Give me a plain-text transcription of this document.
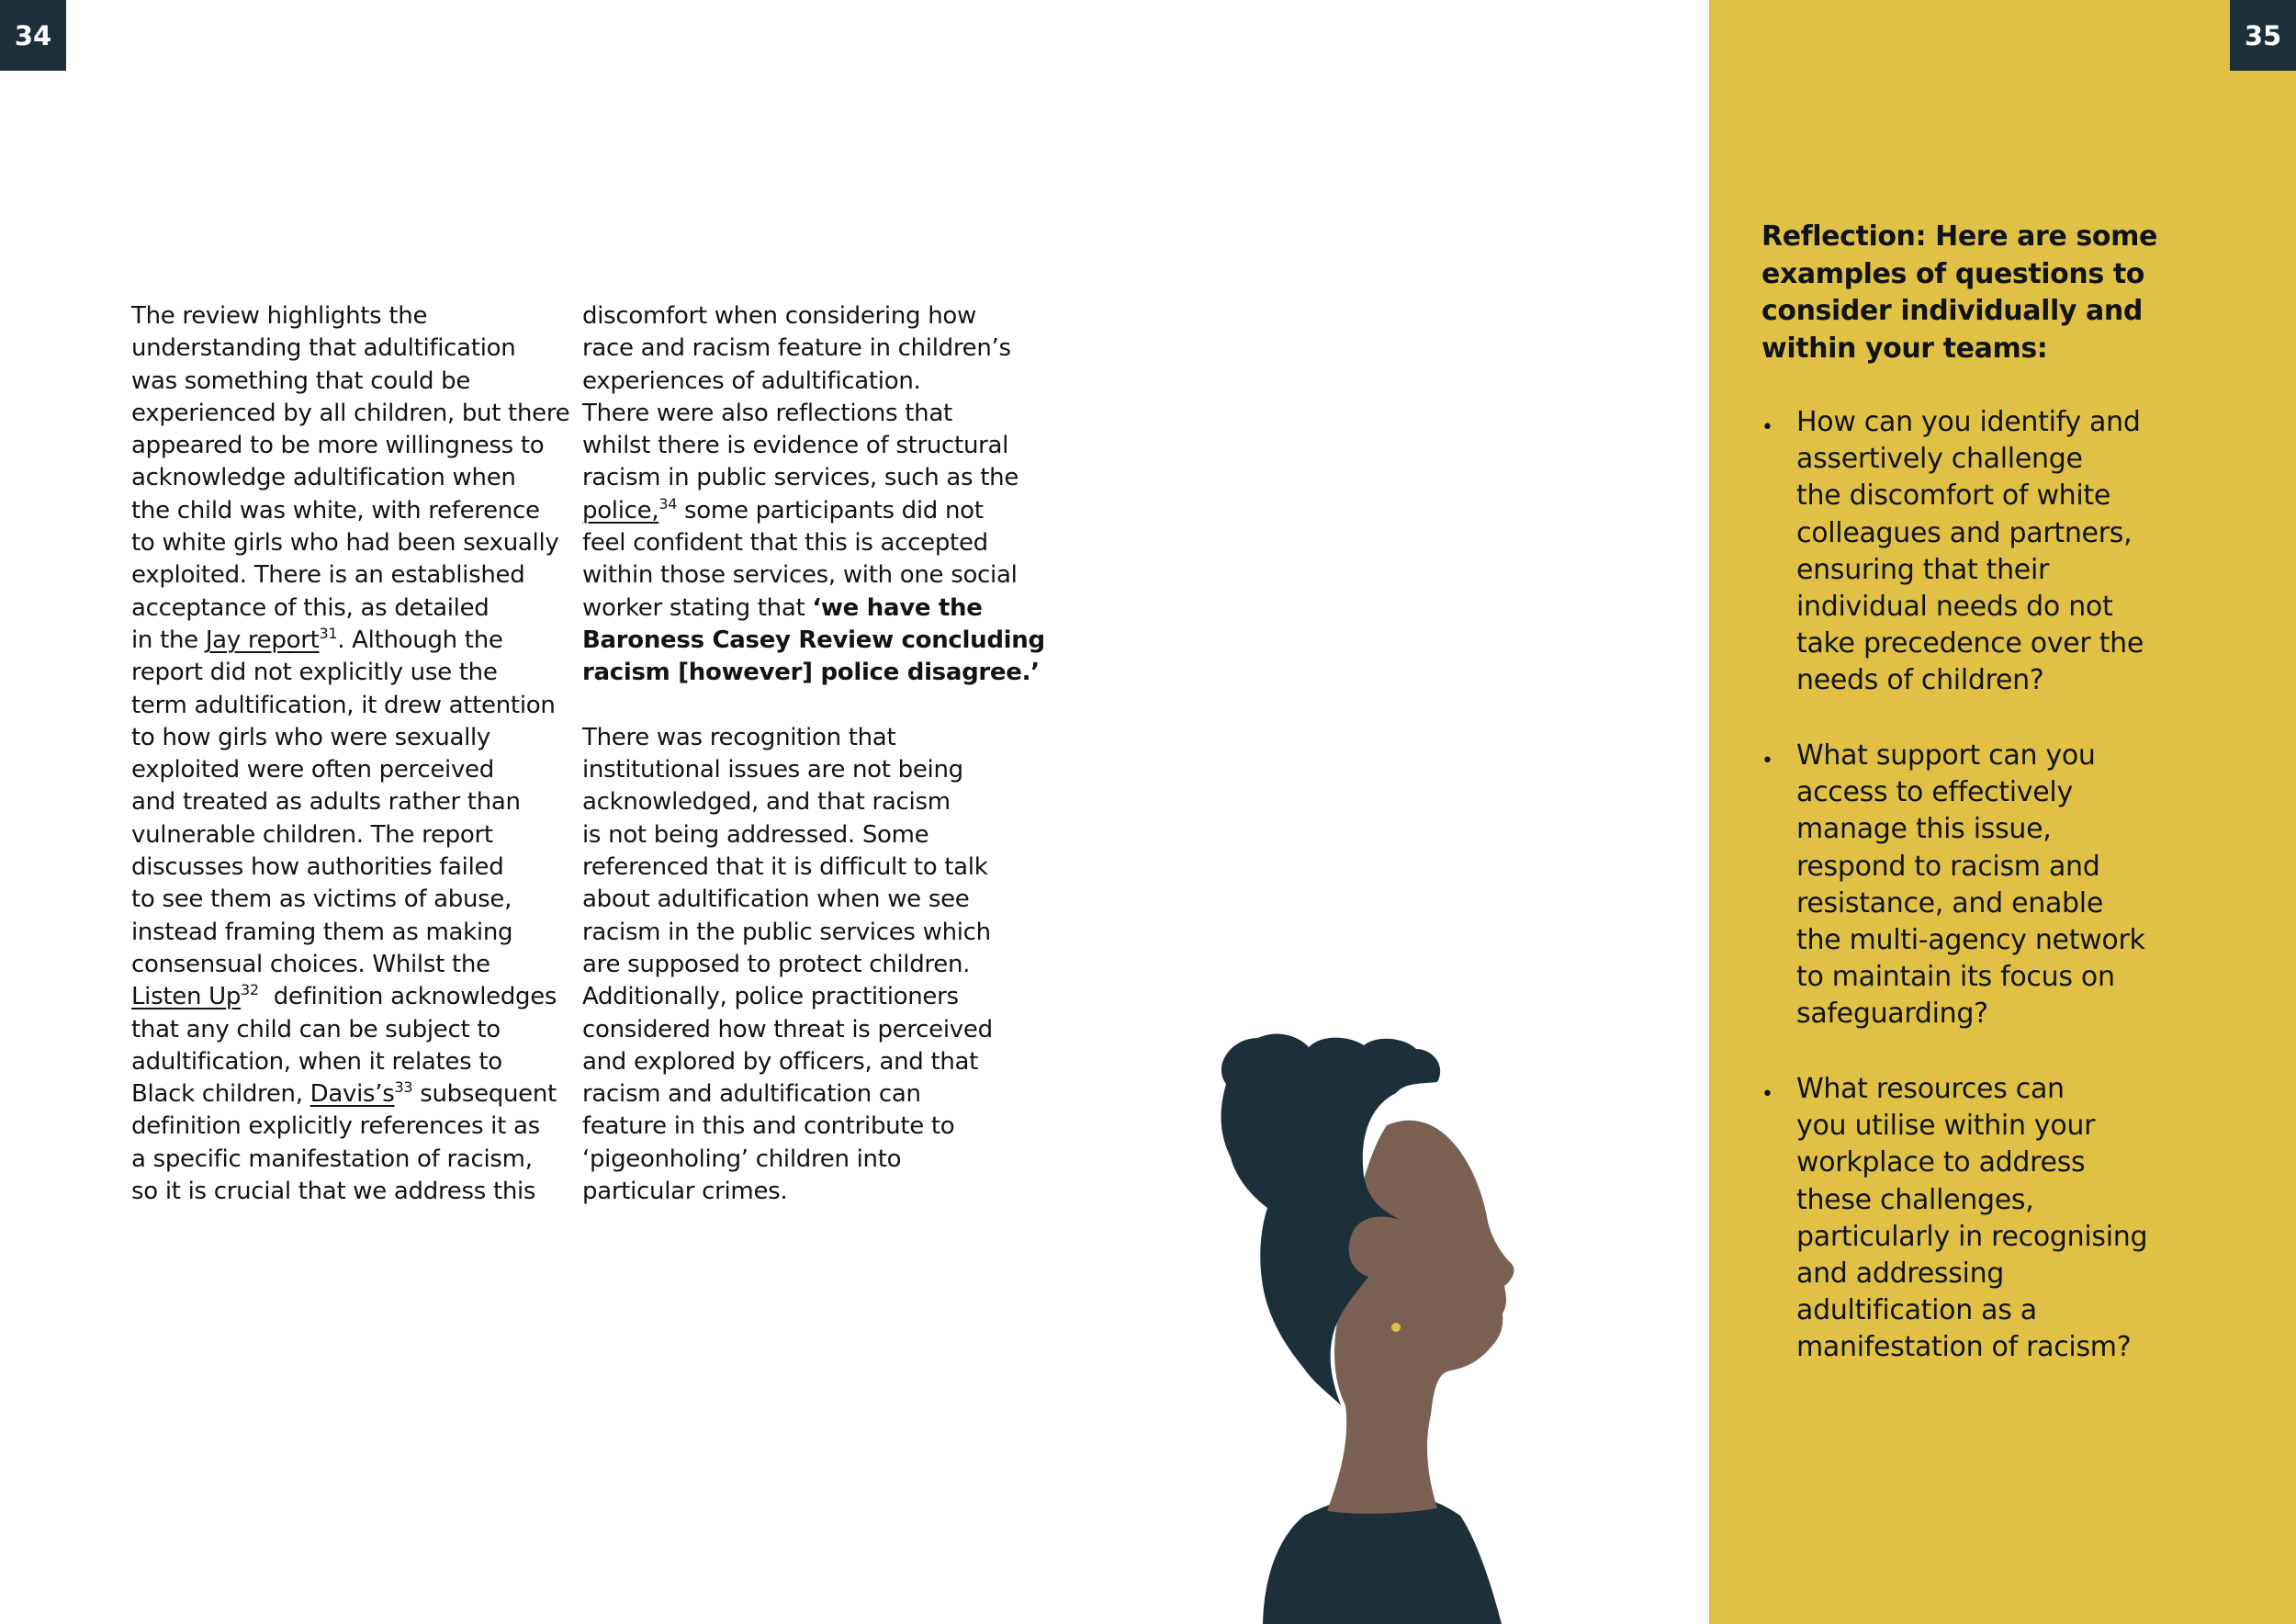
34
The review highlights the
understanding that adultification
was something that could be
experienced by all children, but there
appeared to be more willingness to
acknowledge adultification when
the child was white, with reference
to white girls who had been sexually
exploited. There is an established
acceptance of this, as detailed
in the Jay report$^{31}$. Although the
report did not explicitly use the
term adultification, it drew attention
to how girls who were sexually
exploited were often perceived
and treated as adults rather than
vulnerable children. The report
discusses how authorities failed
to see them as victims of abuse,
instead framing them as making
consensual choices. Whilst the
Listen Up$^{32}$  definition acknowledges
that any child can be subject to
adultification, when it relates to
Black children, $Davis’s^{33}$ subsequent
definition explicitly references it as
a specific manifestation of racism,
so it is crucial that we address this
discomfort when considering how
race and racism feature in children’s
experiences of adultification.
There were also reflections that
whilst there is evidence of structural
racism in public services, such as the
police,$^{34}$ some participants did not
feel confident that this is accepted
within those services, with one social
worker stating that ‘we have the
Baroness Casey Review concluding
racism [however] police disagree.’
There was recognition that
institutional issues are not being
acknowledged, and that racism
is not being addressed. Some
referenced that it is difficult to talk
about adultification when we see
racism in the public services which
are supposed to protect children.
Additionally, police practitioners
considered how threat is perceived
and explored by officers, and that
racism and adultification can
feature in this and contribute to
‘pigeonholing’ children into
particular crimes.
35
Reflection: Here are some
examples of questions to
consider individually and
within your teams:
• How can you identify and
assertively challenge
the discomfort of white
colleagues and partners,
ensuring that their
individual needs do not
take precedence over the
needs of children?
• What support can you
access to effectively
manage this issue,
respond to racism and
resistance, and enable
the multi-agency network
to maintain its focus on
safeguarding?
• What resources can
you utilise within your
workplace to address
these challenges,
particularly in recognising
and addressing
adultification as a
manifestation of racism?
